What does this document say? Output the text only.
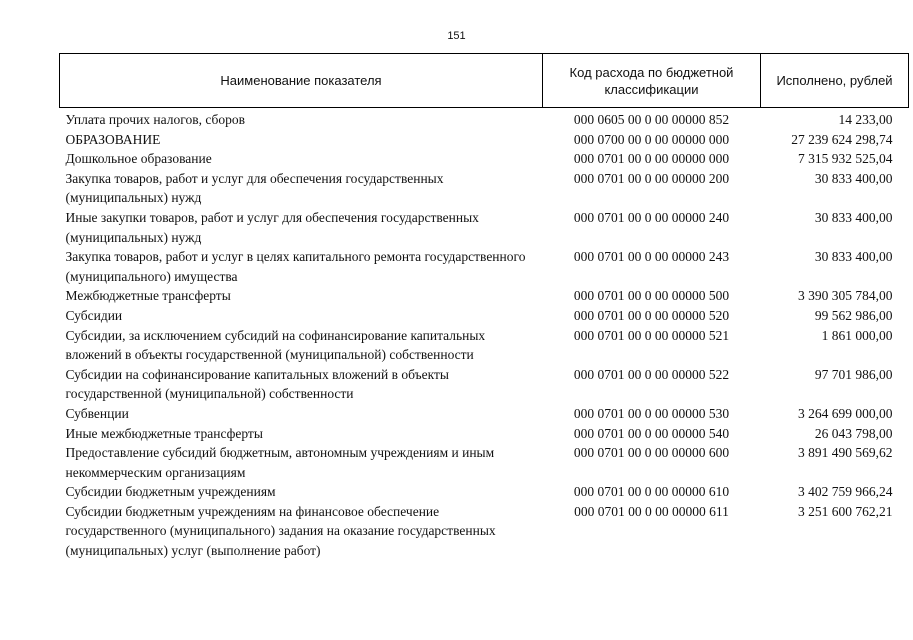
151
Наименование показателя	Код расхода по бюджетной классификации	Исполнено, рублей
Уплата прочих налогов, сборов	000 0605 00 0 00 00000 852	14 233,00
ОБРАЗОВАНИЕ	000 0700 00 0 00 00000 000	27 239 624 298,74
Дошкольное образование	000 0701 00 0 00 00000 000	7 315 932 525,04
Закупка товаров, работ и услуг для обеспечения государственных (муниципальных) нужд	000 0701 00 0 00 00000 200	30 833 400,00
Иные закупки товаров, работ и услуг для обеспечения государственных (муниципальных) нужд	000 0701 00 0 00 00000 240	30 833 400,00
Закупка товаров, работ и услуг в целях капитального ремонта государственного (муниципального) имущества	000 0701 00 0 00 00000 243	30 833 400,00
Межбюджетные трансферты	000 0701 00 0 00 00000 500	3 390 305 784,00
Субсидии	000 0701 00 0 00 00000 520	99 562 986,00
Субсидии, за исключением субсидий на софинансирование капитальных вложений в объекты государственной (муниципальной) собственности	000 0701 00 0 00 00000 521	1 861 000,00
Субсидии на софинансирование капитальных вложений в объекты государственной (муниципальной) собственности	000 0701 00 0 00 00000 522	97 701 986,00
Субвенции	000 0701 00 0 00 00000 530	3 264 699 000,00
Иные межбюджетные трансферты	000 0701 00 0 00 00000 540	26 043 798,00
Предоставление субсидий бюджетным, автономным учреждениям и иным некоммерческим организациям	000 0701 00 0 00 00000 600	3 891 490 569,62
Субсидии бюджетным учреждениям	000 0701 00 0 00 00000 610	3 402 759 966,24
Субсидии бюджетным учреждениям на финансовое обеспечение государственного (муниципального) задания на оказание государственных (муниципальных) услуг (выполнение работ)	000 0701 00 0 00 00000 611	3 251 600 762,21
